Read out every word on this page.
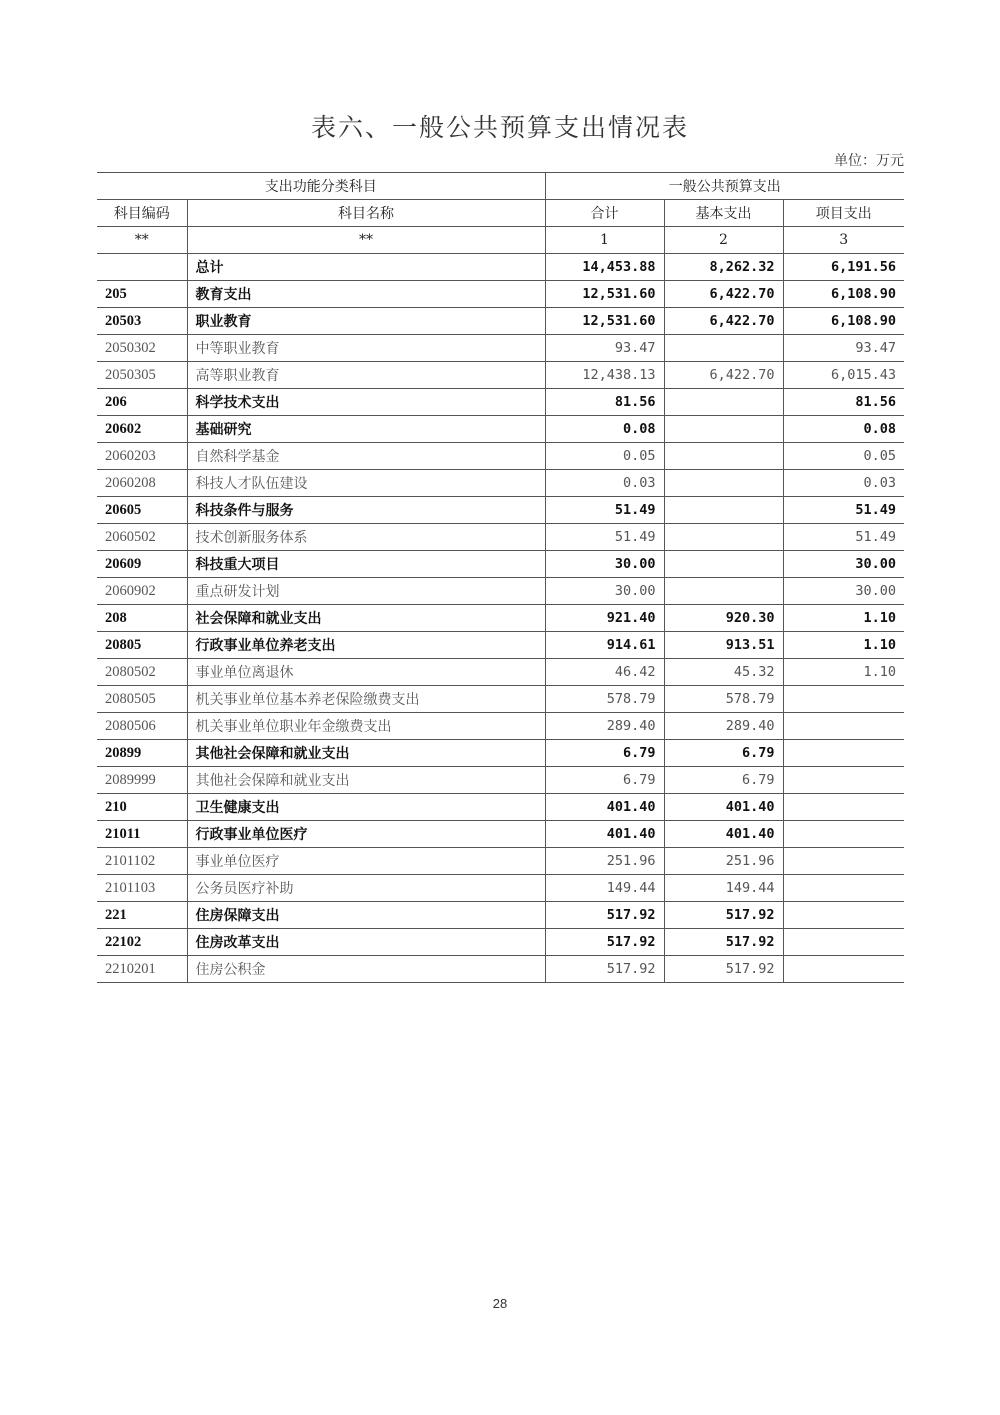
表六、一般公共预算支出情况表
单位：万元
支出功能分类科目		一般公共预算支出		
科目编码	科目名称	合计	基本支出	项目支出
**	**	1	2	3
	总计	14,453.88	8,262.32	6,191.56
205	教育支出	12,531.60	6,422.70	6,108.90
20503	职业教育	12,531.60	6,422.70	6,108.90
2050302	中等职业教育	93.47		93.47
2050305	高等职业教育	12,438.13	6,422.70	6,015.43
206	科学技术支出	81.56		81.56
20602	基础研究	0.08		0.08
2060203	自然科学基金	0.05		0.05
2060208	科技人才队伍建设	0.03		0.03
20605	科技条件与服务	51.49		51.49
2060502	技术创新服务体系	51.49		51.49
20609	科技重大项目	30.00		30.00
2060902	重点研发计划	30.00		30.00
208	社会保障和就业支出	921.40	920.30	1.10
20805	行政事业单位养老支出	914.61	913.51	1.10
2080502	事业单位离退休	46.42	45.32	1.10
2080505	机关事业单位基本养老保险缴费支出	578.79	578.79	
2080506	机关事业单位职业年金缴费支出	289.40	289.40	
20899	其他社会保障和就业支出	6.79	6.79	
2089999	其他社会保障和就业支出	6.79	6.79	
210	卫生健康支出	401.40	401.40	
21011	行政事业单位医疗	401.40	401.40	
2101102	事业单位医疗	251.96	251.96	
2101103	公务员医疗补助	149.44	149.44	
221	住房保障支出	517.92	517.92	
22102	住房改革支出	517.92	517.92	
2210201	住房公积金	517.92	517.92	
28
